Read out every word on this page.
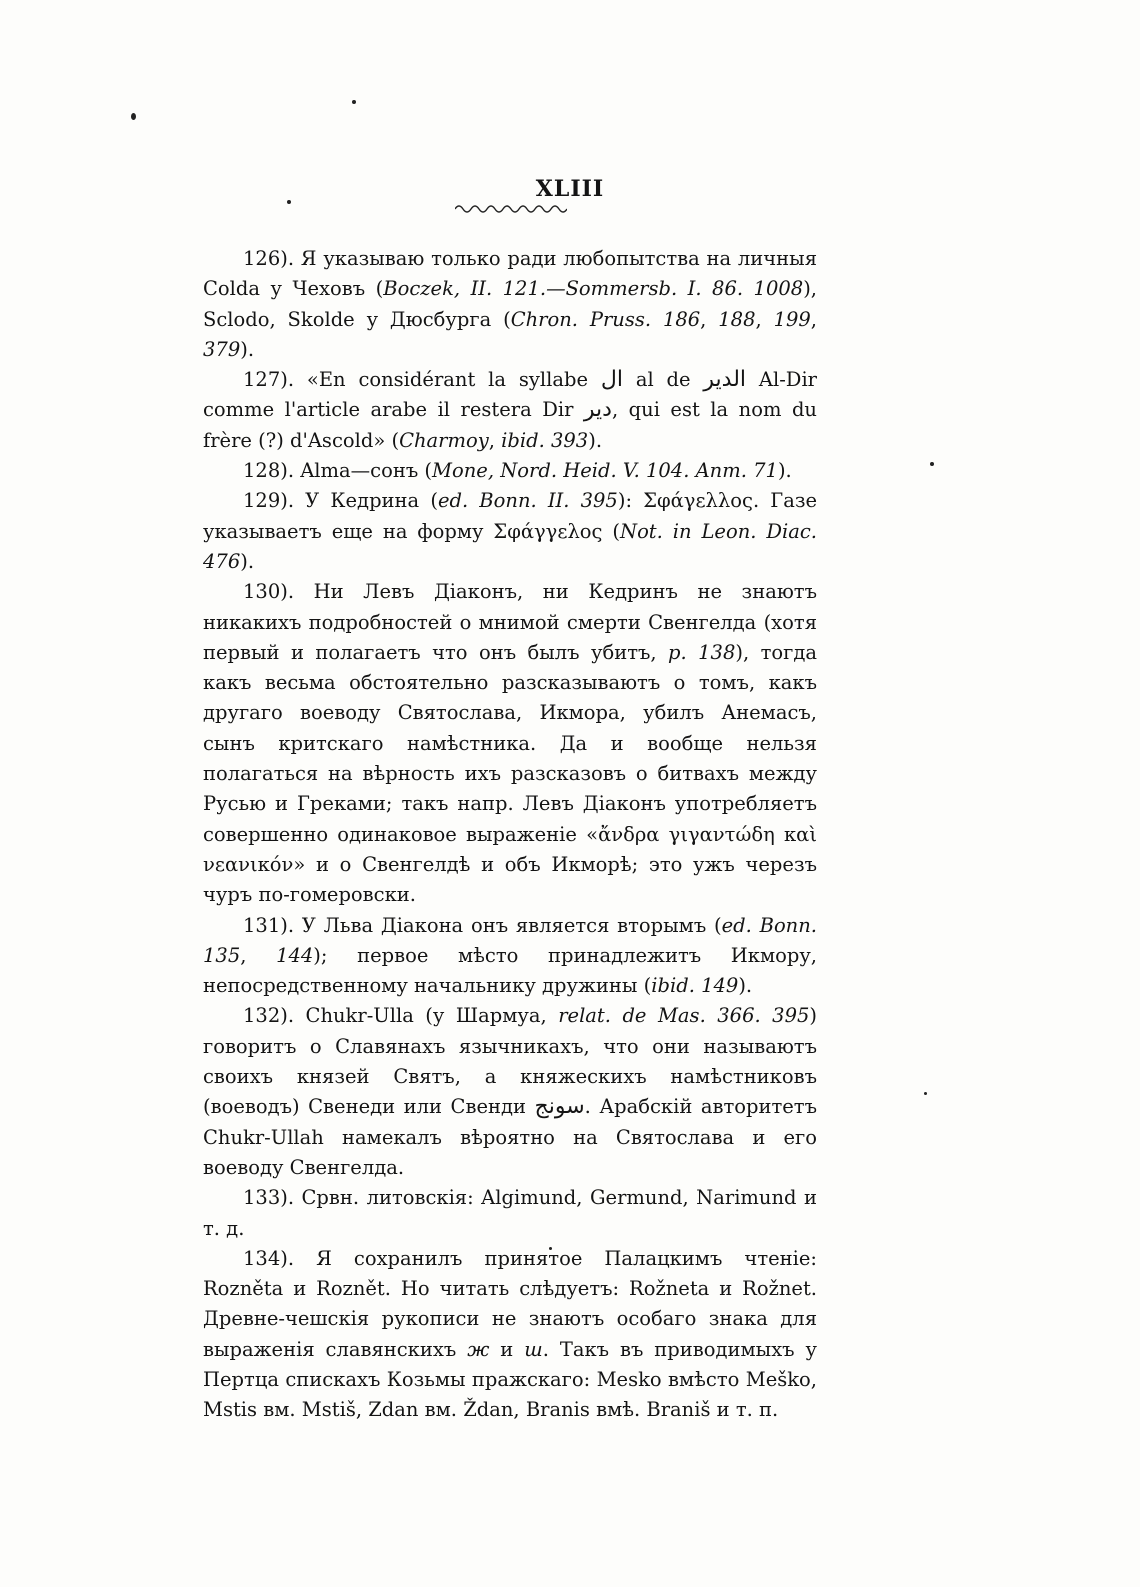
XLIII

126). Я указываю только ради любопытства на личныя Colda у Чеховъ (Boczek, II. 121.—Sommersb. I. 86. 1008), Sclodo, Skolde у Дюсбурга (Chron. Pruss. 186, 188, 199, 379).

127). «En considérant la syllabe ال al de الدير Al-Dir comme l'article arabe il restera Dir دير, qui est la nom du frère (?) d'Ascold» (Charmoy, ibid. 393).

128). Alma—сонъ (Mone, Nord. Heid. V. 104. Anm. 71).

129). У Кедрина (ed. Bonn. II. 395): Σφάγελλος. Газе указываетъ еще на форму Σφάγγελος (Not. in Leon. Diac. 476).

130). Ни Левъ Діаконъ, ни Кедринъ не знаютъ никакихъ подробностей о мнимой смерти Свенгелда (хотя первый и полагаетъ что онъ былъ убитъ, p. 138), тогда какъ весьма обстоятельно разсказываютъ о томъ, какъ другаго воеводу Святослава, Икмора, убилъ Анемасъ, сынъ критскаго намѣстника. Да и вообще нельзя полагаться на вѣрность ихъ разсказовъ о битвахъ между Русью и Греками; такъ напр. Левъ Діаконъ употребляетъ совершенно одинаковое выраженіе «ἄνδρα γιγαντώδη καὶ νεανικόν» и о Свенгелдѣ и объ Икморѣ; это ужъ черезъ чуръ по-гомеровски.

131). У Льва Діакона онъ является вторымъ (ed. Bonn. 135, 144); первое мѣсто принадлежитъ Икмору, непосредственному начальнику дружины (ibid. 149).

132). Chukr-Ulla (у Шармуа, relat. de Mas. 366. 395) говоритъ о Славянахъ язычникахъ, что они называютъ своихъ князей Святъ, а княжескихъ намѣстниковъ (воеводъ) Свенеди или Свенди سونج. Арабскій авторитетъ Chukr-Ullah намекалъ вѣроятно на Святослава и его воеводу Свенгелда.

133). Срвн. литовскія: Algimund, Germund, Narimund и т. д.

134). Я сохранилъ принятое Палацкимъ чтеніе: Rozněta и Roznět. Но читать слѣдуетъ: Rožneta и Rožnet. Древне-чешскія рукописи не знаютъ особаго знака для выраженія славянскихъ ж и ш. Такъ въ приводимыхъ у Пертца спискахъ Козьмы пражскаго: Mesko вмѣсто Meško, Mstis вм. Mstiš, Zdan вм. Ždan, Branis вмѣ. Braniš и т. п.
